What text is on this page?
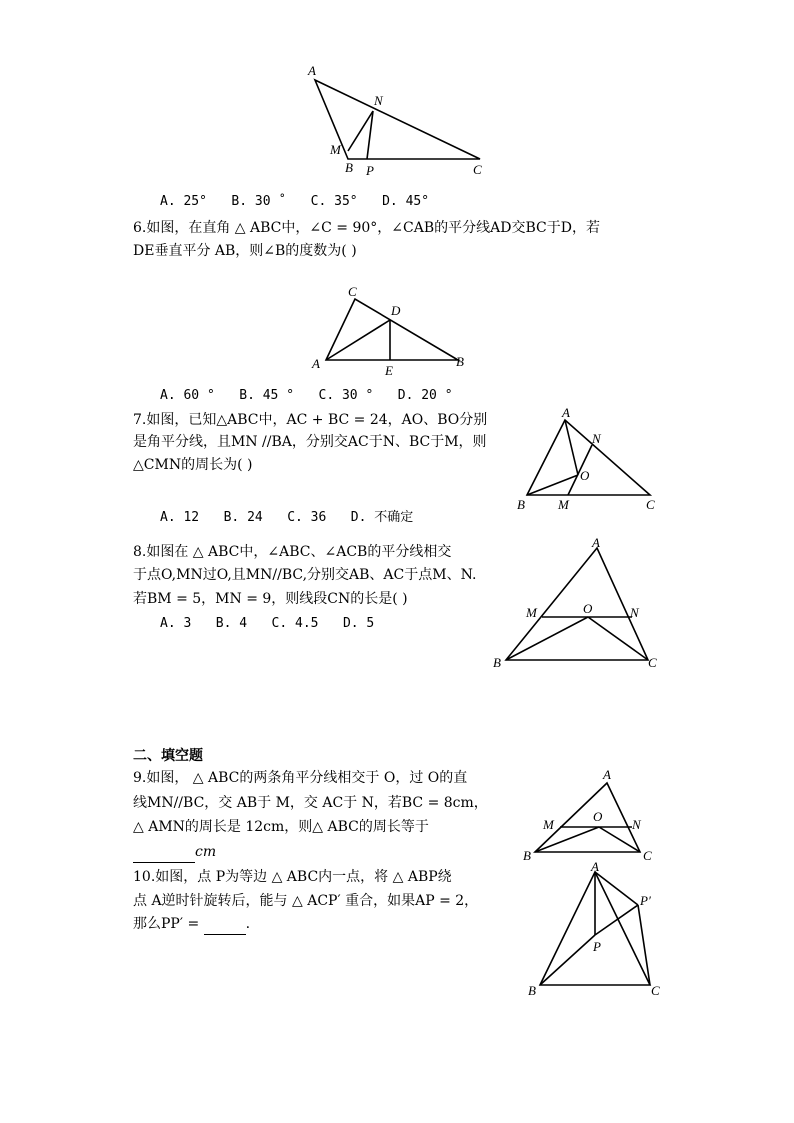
A
N
M
B P	C
A. 25° B. 30 ˚ C. 35° D. 45°
6.如图，在直角 △ ABC中，∠C = 90°，∠CAB的平分线AD交BC于D，若
DE垂直平分 AB，则∠B的度数为( )
C
D
A	E
B
A. 60 ° B. 45 ° C. 30 ° D. 20 °
7.如图，已知△ABC中，AC + BC = 24，AO、BO分别
是角平分线，且MN //BA，分别交AC于N、BC于M，则
△CMN的周长为( )
A
N
O
B	M	C
A. 12 B. 24 C. 36 D. 不确定
8.如图在 △ ABC中，∠ABC、∠ACB的平分线相交
于点O,MN过O,且MN//BC,分别交AB、AC于点M、N.
若BM = 5，MN = 9，则线段CN的长是( )
A. 3 B. 4 C. 4.5 D. 5
A
M	O	N
B	C
二、填空题
9.如图， △ ABC的两条角平分线相交于 O，过 O的直
线MN//BC，交 AB于 M，交 AC于 N，若BC = 8cm，
△ AMN的周长是 12cm，则△ ABC的周长等于
cm
A
M
O
N
B	C
10.如图，点 P为等边 △ ABC内一点，将 △ ABP绕
点 A逆时针旋转后，能与 △ ACP′ 重合，如果AP = 2，
那么PP′ =	.
A
P′
P
B	C
